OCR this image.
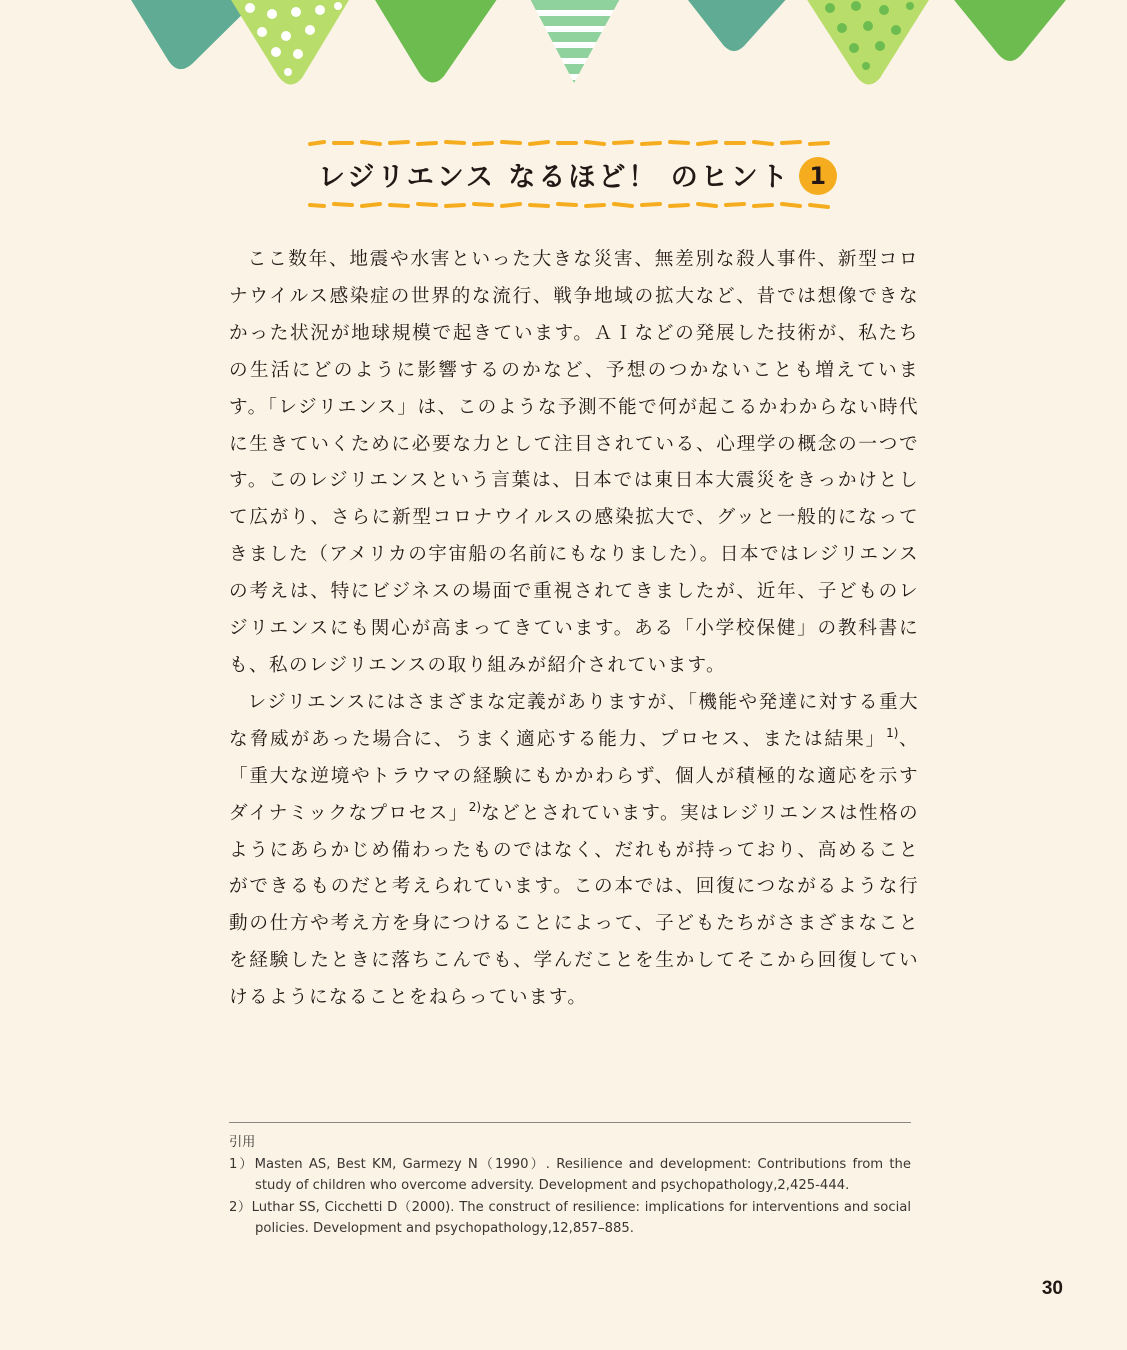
レジリエンス なるほど！ のヒント 1

ここ数年、地震や水害といった大きな災害、無差別な殺人事件、新型コロナウイルス感染症の世界的な流行、戦争地域の拡大など、昔では想像できなかった状況が地球規模で起きています。ＡＩなどの発展した技術が、私たちの生活にどのように影響するのかなど、予想のつかないことも増えています。「レジリエンス」は、このような予測不能で何が起こるかわからない時代に生きていくために必要な力として注目されている、心理学の概念の一つです。このレジリエンスという言葉は、日本では東日本大震災をきっかけとして広がり、さらに新型コロナウイルスの感染拡大で、グッと一般的になってきました（アメリカの宇宙船の名前にもなりました）。日本ではレジリエンスの考えは、特にビジネスの場面で重視されてきましたが、近年、子どものレジリエンスにも関心が高まってきています。ある「小学校保健」の教科書にも、私のレジリエンスの取り組みが紹介されています。

レジリエンスにはさまざまな定義がありますが、「機能や発達に対する重大な脅威があった場合に、うまく適応する能力、プロセス、または結果」$^{1)}$、「重大な逆境やトラウマの経験にもかかわらず、個人が積極的な適応を示すダイナミックなプロセス」$^{2)}$などとされています。実はレジリエンスは性格のようにあらかじめ備わったものではなく、だれもが持っており、高めることができるものだと考えられています。この本では、回復につながるような行動の仕方や考え方を身につけることによって、子どもたちがさまざまなことを経験したときに落ちこんでも、学んだことを生かしてそこから回復していけるようになることをねらっています。

引用

1）Masten AS, Best KM, Garmezy N（1990）. Resilience and development: Contributions from the study of children who overcome adversity. Development and psychopathology,2,425-444.

2）Luthar SS, Cicchetti D（2000). The construct of resilience: implications for interventions and social policies. Development and psychopathology,12,857–885.

30
